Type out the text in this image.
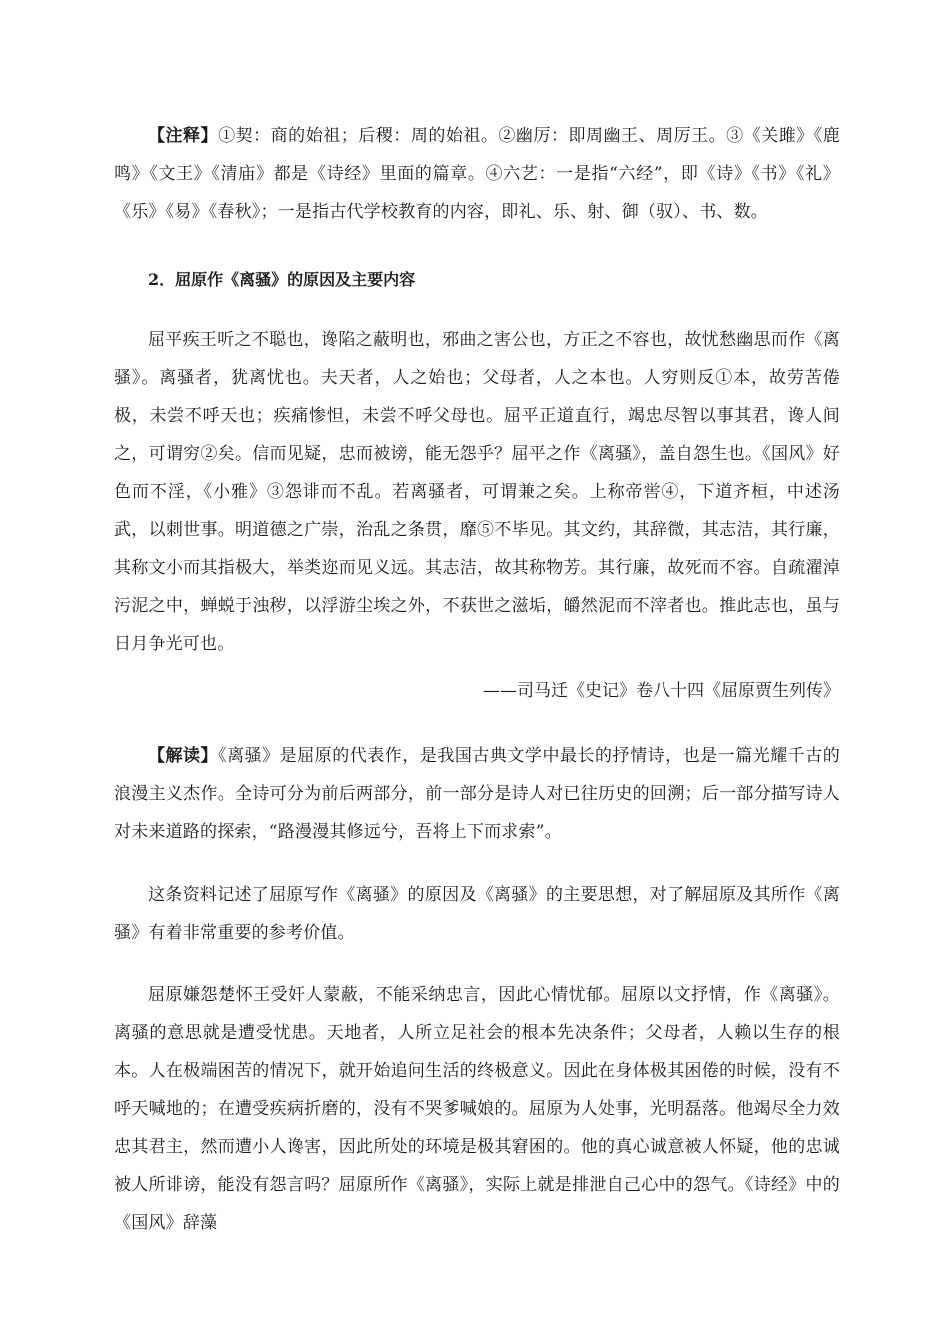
【注释】①契：商的始祖；后稷：周的始祖。②幽厉：即周幽王、周厉王。③《关雎》《鹿鸣》《文王》《清庙》都是《诗经》里面的篇章。④六艺：一是指“六经”，即《诗》《书》《礼》《乐》《易》《春秋》；一是指古代学校教育的内容，即礼、乐、射、御（驭）、书、数。
2．屈原作《离骚》的原因及主要内容
屈平疾王听之不聪也，谗陷之蔽明也，邪曲之害公也，方正之不容也，故忧愁幽思而作《离骚》。离骚者，犹离忧也。夫天者，人之始也；父母者，人之本也。人穷则反①本，故劳苦倦极，未尝不呼天也；疾痛惨怛，未尝不呼父母也。屈平正道直行，竭忠尽智以事其君，谗人间之，可谓穷②矣。信而见疑，忠而被谤，能无怨乎？屈平之作《离骚》，盖自怨生也。《国风》好色而不淫，《小雅》③怨诽而不乱。若离骚者，可谓兼之矣。上称帝喾④，下道齐桓，中述汤武，以刺世事。明道德之广崇，治乱之条贯，靡⑤不毕见。其文约，其辞微，其志洁，其行廉，其称文小而其指极大，举类迩而见义远。其志洁，故其称物芳。其行廉，故死而不容。自疏濯淖污泥之中，蝉蜕于浊秽，以浮游尘埃之外，不获世之滋垢，皭然泥而不滓者也。推此志也，虽与日月争光可也。
——司马迁《史记》卷八十四《屈原贾生列传》
【解读】《离骚》是屈原的代表作，是我国古典文学中最长的抒情诗，也是一篇光耀千古的浪漫主义杰作。全诗可分为前后两部分，前一部分是诗人对已往历史的回溯；后一部分描写诗人对未来道路的探索，“路漫漫其修远兮，吾将上下而求索”。
这条资料记述了屈原写作《离骚》的原因及《离骚》的主要思想，对了解屈原及其所作《离骚》有着非常重要的参考价值。
屈原嫌怨楚怀王受奸人蒙蔽，不能采纳忠言，因此心情忧郁。屈原以文抒情，作《离骚》。离骚的意思就是遭受忧患。天地者，人所立足社会的根本先决条件；父母者，人赖以生存的根本。人在极端困苦的情况下，就开始追问生活的终极意义。因此在身体极其困倦的时候，没有不呼天喊地的；在遭受疾病折磨的，没有不哭爹喊娘的。屈原为人处事，光明磊落。他竭尽全力效忠其君主，然而遭小人谗害，因此所处的环境是极其窘困的。他的真心诚意被人怀疑，他的忠诚被人所诽谤，能没有怨言吗？屈原所作《离骚》，实际上就是排泄自己心中的怨气。《诗经》中的《国风》辞藻
